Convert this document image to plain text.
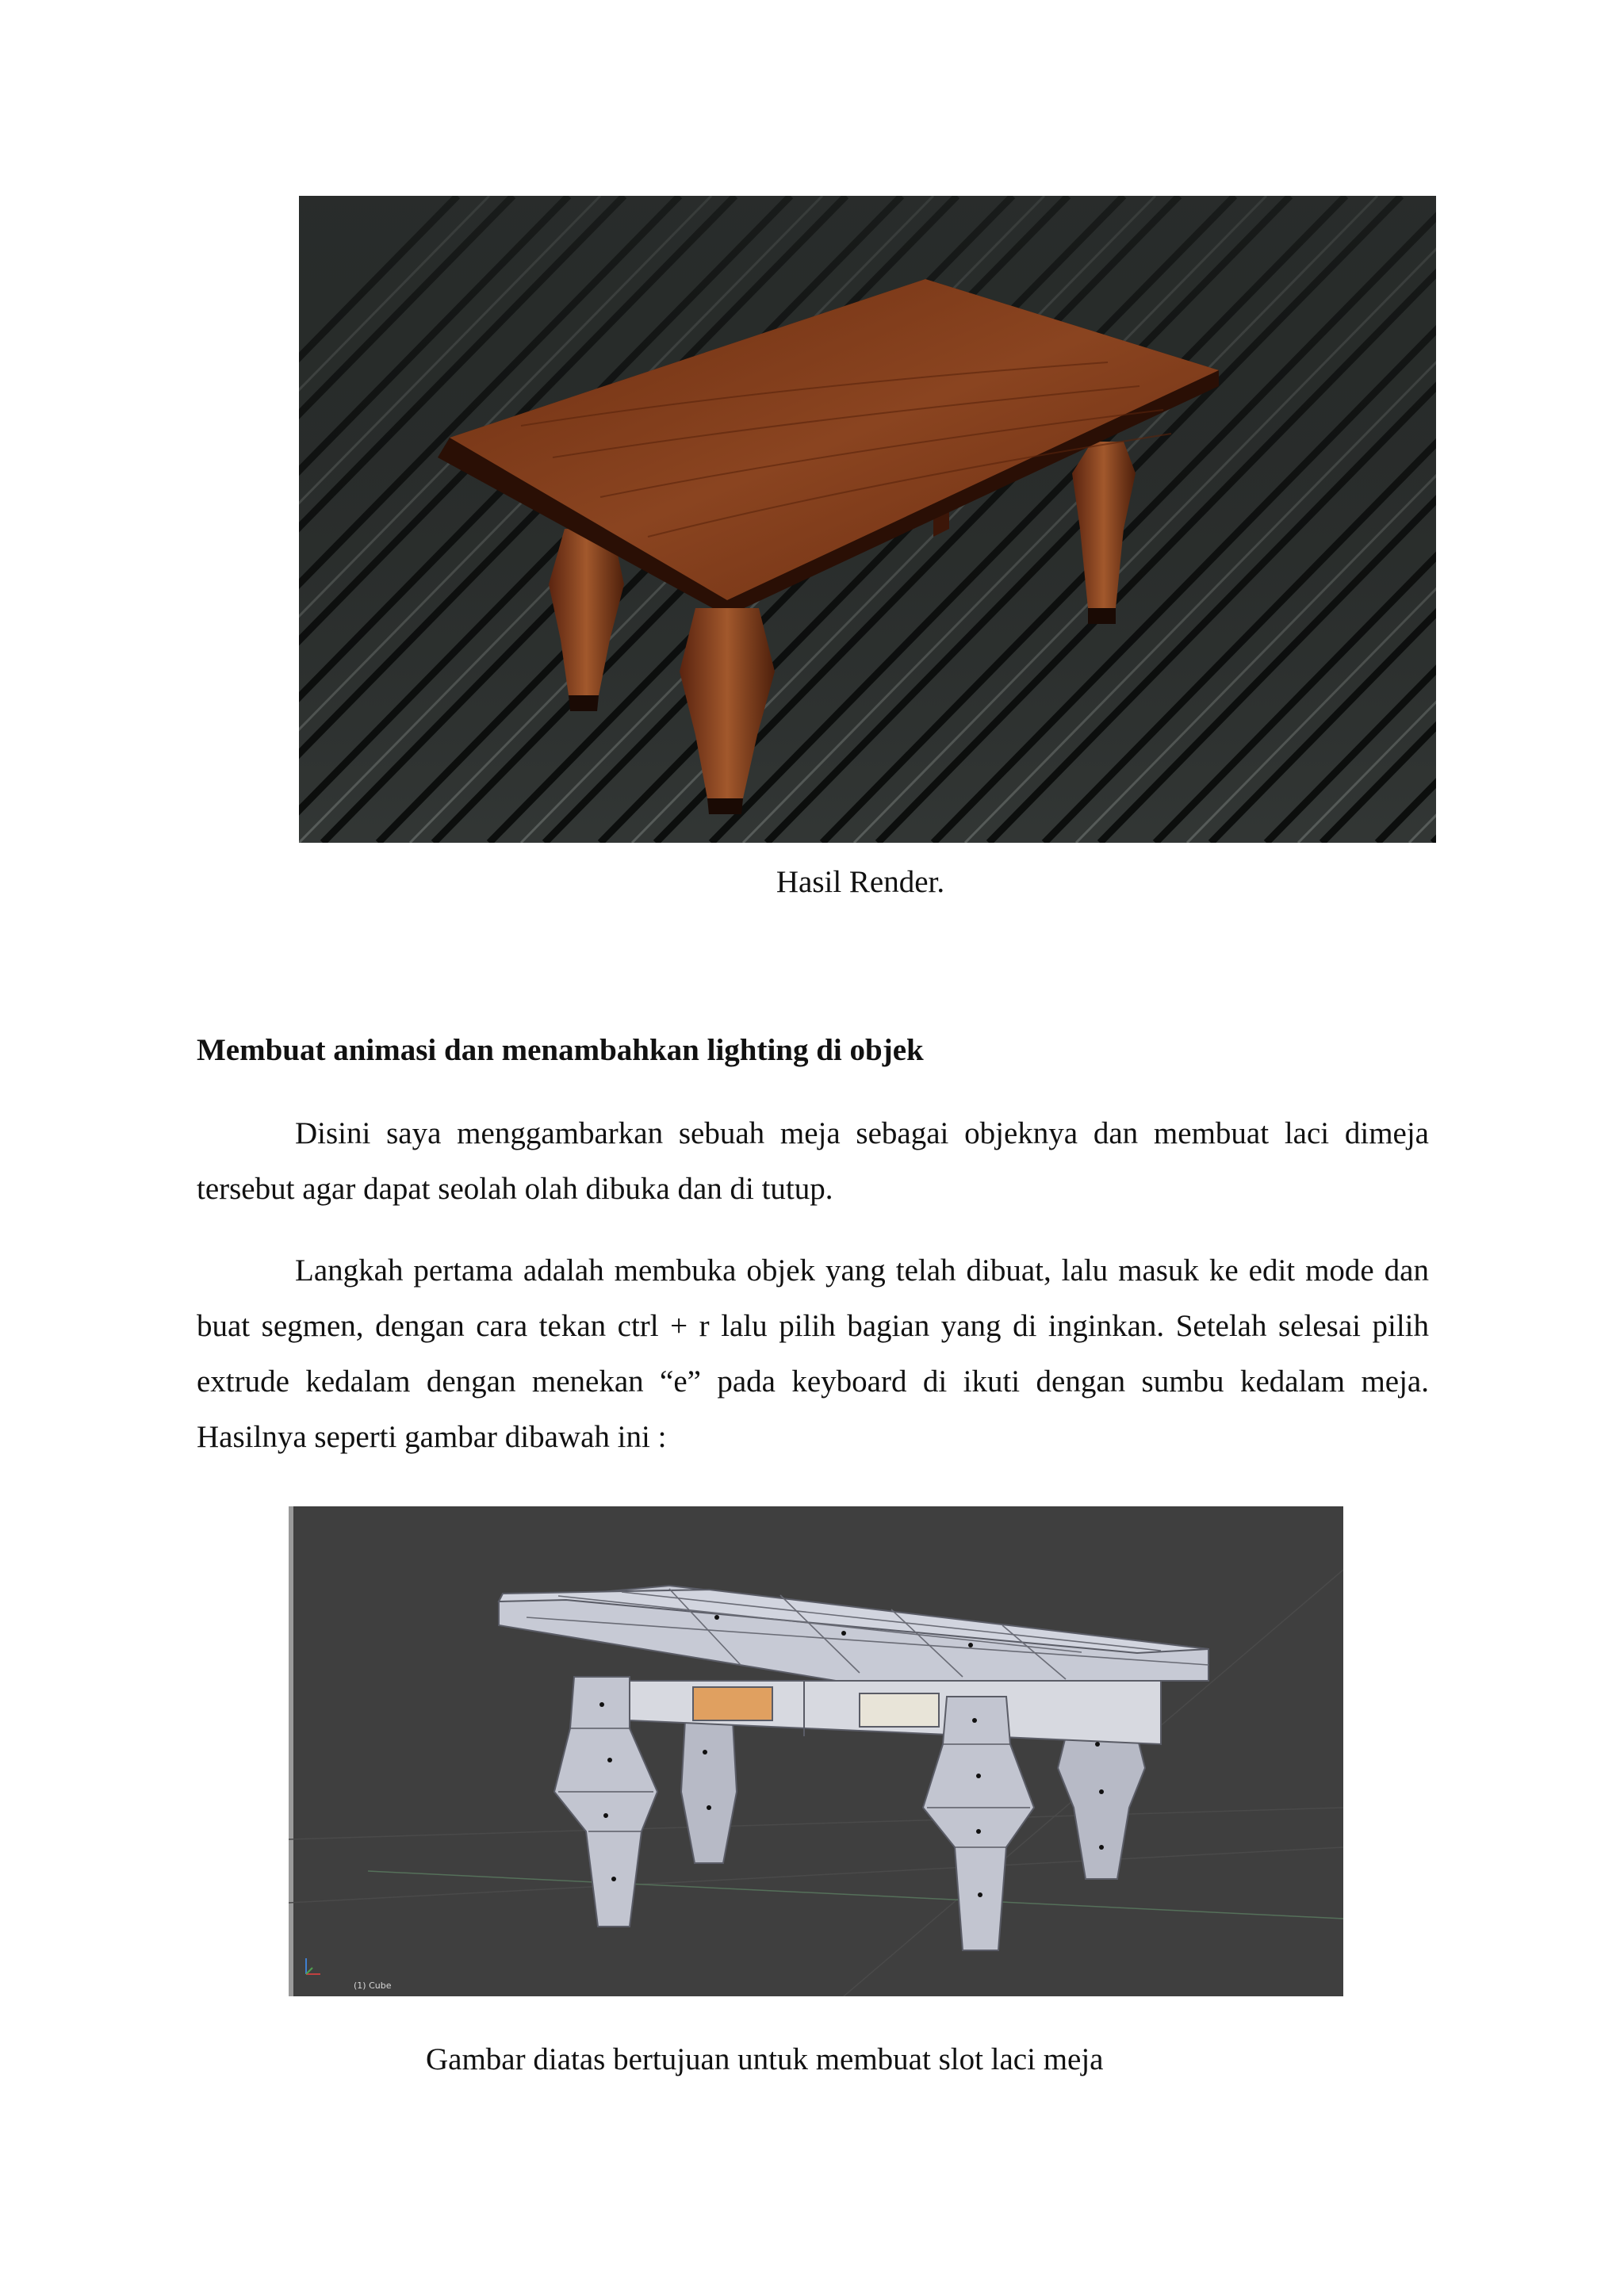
Hasil Render.
Membuat animasi dan menambahkan lighting di objek

Disini saya menggambarkan sebuah meja sebagai objeknya dan membuat laci dimeja tersebut agar dapat seolah olah dibuka dan di tutup.

Langkah pertama adalah membuka objek yang telah dibuat, lalu masuk ke edit mode dan buat segmen, dengan cara tekan ctrl + r lalu pilih bagian yang di inginkan. Setelah selesai pilih extrude kedalam dengan menekan “e” pada keyboard di ikuti dengan sumbu kedalam meja. Hasilnya seperti gambar dibawah ini :

(1) Cube
Gambar diatas bertujuan untuk membuat slot laci meja
